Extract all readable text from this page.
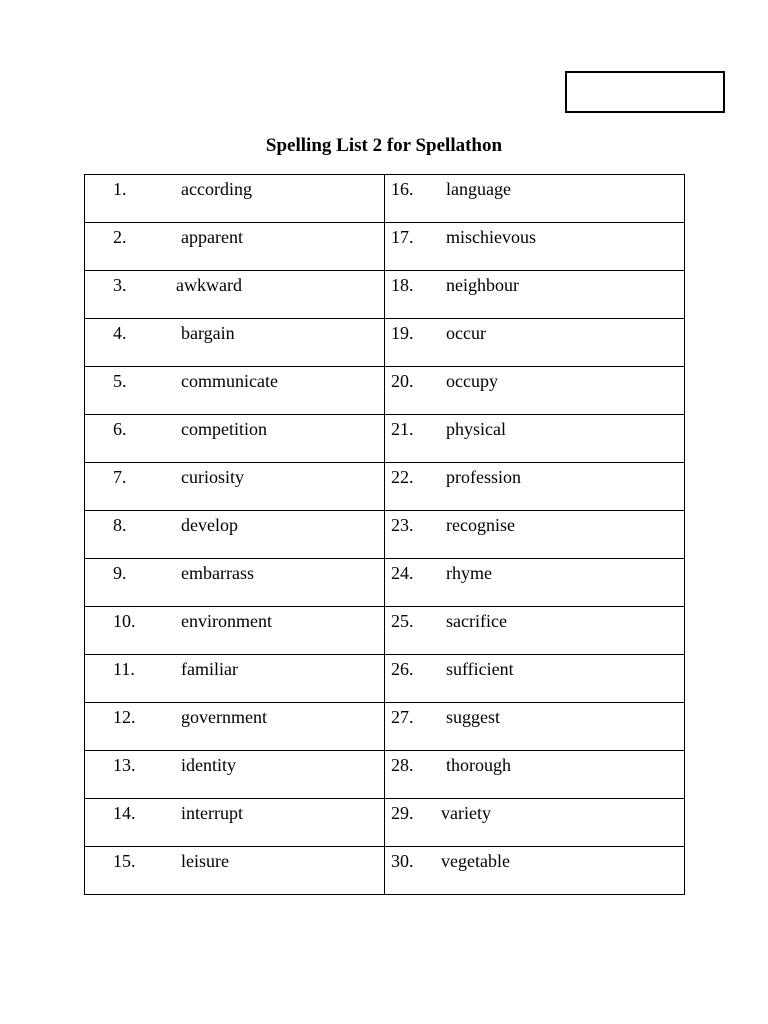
Spelling List 2 for Spellathon
1. according	16. language

2. apparent	17. mischievous

3. awkward	18. neighbour

4. bargain	19. occur

5. communicate	20. occupy

6. competition	21. physical

7. curiosity	22. profession

8. develop	23. recognise

9. embarrass	24. rhyme

10. environment	25. sacrifice

11. familiar	26. sufficient

12. government	27. suggest

13. identity	28. thorough

14. interrupt	29. variety

15. leisure	30. vegetable
